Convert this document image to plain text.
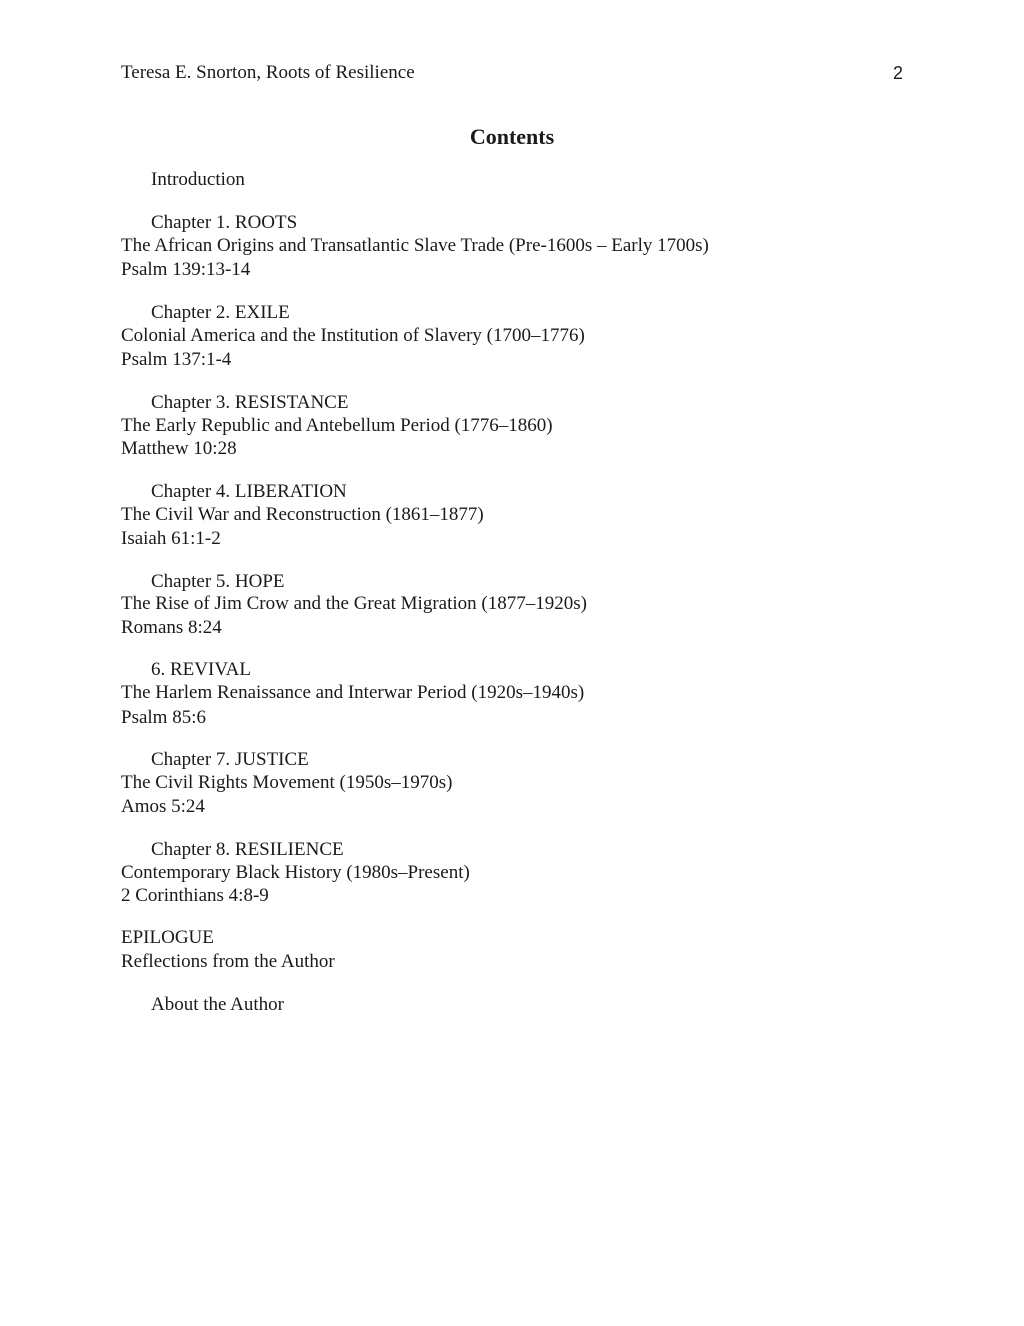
Teresa E. Snorton, Roots of Resilience	2
Contents
Introduction
Chapter 1. ROOTS
The African Origins and Transatlantic Slave Trade (Pre-1600s – Early 1700s)
Psalm 139:13-14
Chapter 2. EXILE
Colonial America and the Institution of Slavery (1700–1776)
Psalm 137:1-4
Chapter 3. RESISTANCE
The Early Republic and Antebellum Period (1776–1860)
Matthew 10:28
Chapter 4. LIBERATION
The Civil War and Reconstruction (1861–1877)
Isaiah 61:1-2
Chapter 5. HOPE
The Rise of Jim Crow and the Great Migration (1877–1920s)
Romans 8:24
6. REVIVAL
The Harlem Renaissance and Interwar Period (1920s–1940s)
Psalm 85:6
Chapter 7. JUSTICE
The Civil Rights Movement (1950s–1970s)
Amos 5:24
Chapter 8. RESILIENCE
Contemporary Black History (1980s–Present)
2 Corinthians 4:8-9
EPILOGUE
Reflections from the Author
About the Author
